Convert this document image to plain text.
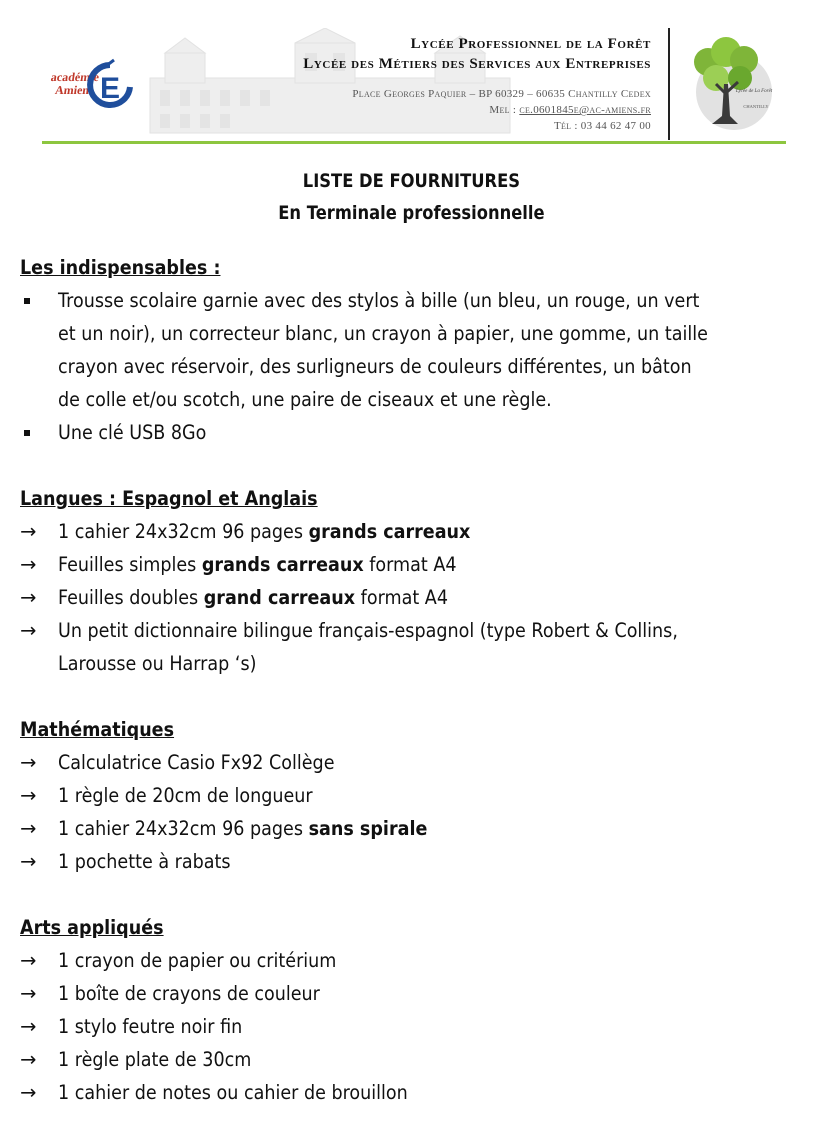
académie
Amiens E
Lycée Professionnel de la Forêt
Lycée des Métiers des Services aux Entreprises
Place Georges Paquier – BP 60329 – 60635 Chantilly Cedex
Mel : ce.0601845e@ac-amiens.fr
Tél : 03 44 62 47 00
Lycée de La Forêt
CHANTILLY
LISTE DE FOURNITURES
En Terminale professionnelle
Les indispensables :
Trousse scolaire garnie avec des stylos à bille (un bleu, un rouge, un vert
et un noir), un correcteur blanc, un crayon à papier, une gomme, un taille
crayon avec réservoir, des surligneurs de couleurs différentes, un bâton
de colle et/ou scotch, une paire de ciseaux et une règle.
Une clé USB 8Go
Langues : Espagnol et Anglais
→	1 cahier 24x32cm 96 pages grands carreaux
→	Feuilles simples grands carreaux format A4
→	Feuilles doubles grand carreaux format A4
→	Un petit dictionnaire bilingue français-espagnol (type Robert & Collins,
Larousse ou Harrap ‘s)
Mathématiques
→	Calculatrice Casio Fx92 Collège
→	1 règle de 20cm de longueur
→	1 cahier 24x32cm 96 pages sans spirale
→	1 pochette à rabats
Arts appliqués
→	1 crayon de papier ou critérium
→	1 boîte de crayons de couleur
→	1 stylo feutre noir fin
→	1 règle plate de 30cm
→	1 cahier de notes ou cahier de brouillon
